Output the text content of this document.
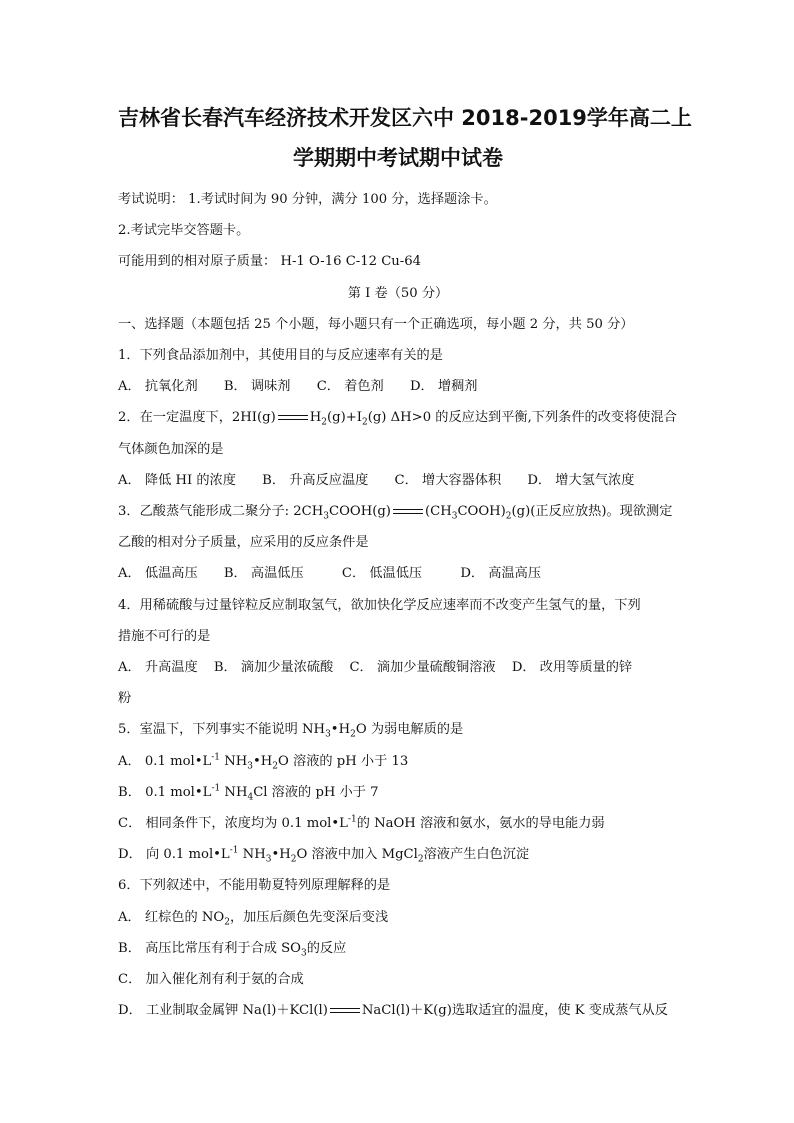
吉林省长春汽车经济技术开发区六中 2018-2019学年高二上
学期期中考试期中试卷

考试说明： 1.考试时间为 90 分钟，满分 100 分，选择题涂卡。

2.考试完毕交答题卡。

可能用到的相对原子质量： H-1 O-16 C-12 Cu-64

第 I 卷（50 分）

一、选择题（本题包括 25 个小题，每小题只有一个正确选项，每小题 2 分，共 50 分）

1．下列食品添加剂中，其使用目的与反应速率有关的是

A． 抗氧化剂 B． 调味剂 C． 着色剂 D． 增稠剂

2．在一定温度下，2HI(g)	$H_2(g)+I_2(g)$ ΔH>0 的反应达到平衡,下列条件的改变将使混合

气体颜色加深的是

A． 降低 HI 的浓度 B． 升高反应温度 C． 增大容器体积 D． 增大氢气浓度

3．乙酸蒸气能形成二聚分子: $2CH_3COOH(g)$	$(CH_3COOH)_2(g)$(正反应放热)。现欲测定

乙酸的相对分子质量，应采用的反应条件是

A． 低温高压 B． 高温低压	C． 低温低压	D． 高温高压

4．用稀硫酸与过量锌粒反应制取氢气，欲加快化学反应速率而不改变产生氢气的量，下列

措施不可行的是

A． 升高温度 B． 滴加少量浓硫酸 C． 滴加少量硫酸铜溶液 D． 改用等质量的锌

粉

5．室温下，下列事实不能说明 $NH_3•H_2O$ 为弱电解质的是

A． 0.1 $mol•L^{-1}$ $NH_3•H_2O$ 溶液的 pH 小于 13

B． 0.1 $mol•L^{-1}$ $NH_4Cl$ 溶液的 pH 小于 7

C． 相同条件下，浓度均为 0.1 $mol•L^{-1}$的 NaOH 溶液和氨水，氨水的导电能力弱

D． 向 0.1 $mol•L^{-1}$ $NH_3•H_2O$ 溶液中加入 MgCl$_2$溶液产生白色沉淀

6．下列叙述中，不能用勒夏特列原理解释的是

A． 红棕色的 $NO_2$，加压后颜色先变深后变浅

B． 高压比常压有利于合成 $SO_3$的反应

C． 加入催化剂有利于氨的合成

D． 工业制取金属钾 Na(l)＋KCl(l)	NaCl(l)＋K(g)选取适宜的温度，使 K 变成蒸气从反
